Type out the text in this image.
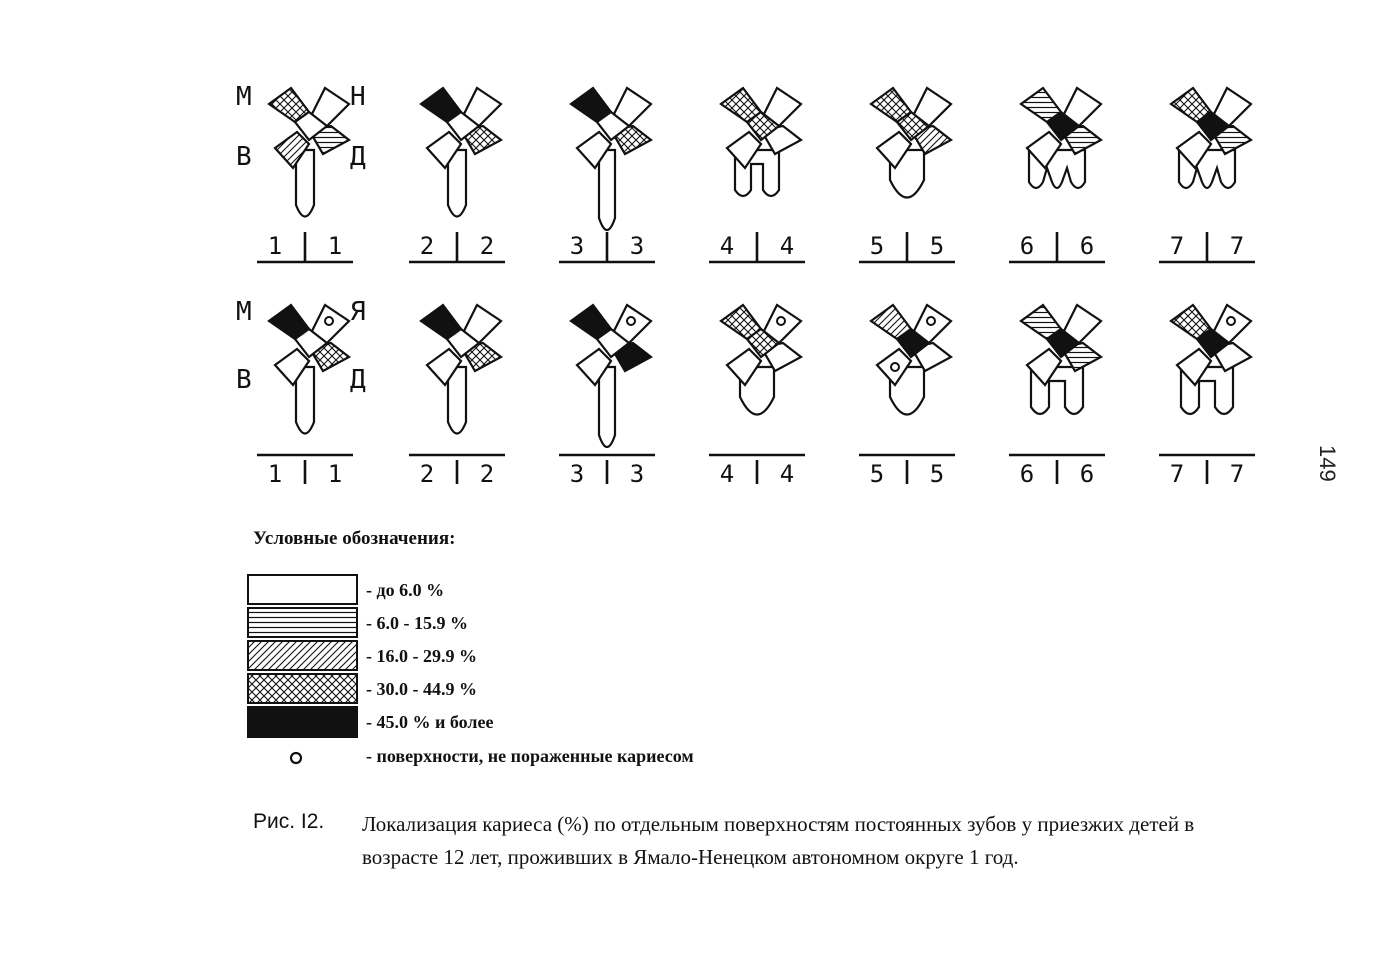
М	Н
В	Д
М	Я
В	Д
1 1	2 2	3 3	4 4	5 5	6 6	7 7
1 1	2 2	3 3	4 4	5 5	6 6	7 7
Условные обозначения:
- до 6.0 %
- 6.0 - 15.9 %
- 16.0 - 29.9 %
- 30.0 - 44.9 %
- 45.0 % и более
- поверхности, не пораженные кариесом
Рис. I2. Локализация кариеса (%) по отдельным поверхностям постоянных зубов у приезжих детей в возрасте 12 лет, проживших в Ямало-Ненецком автономном округе 1 год.
149
